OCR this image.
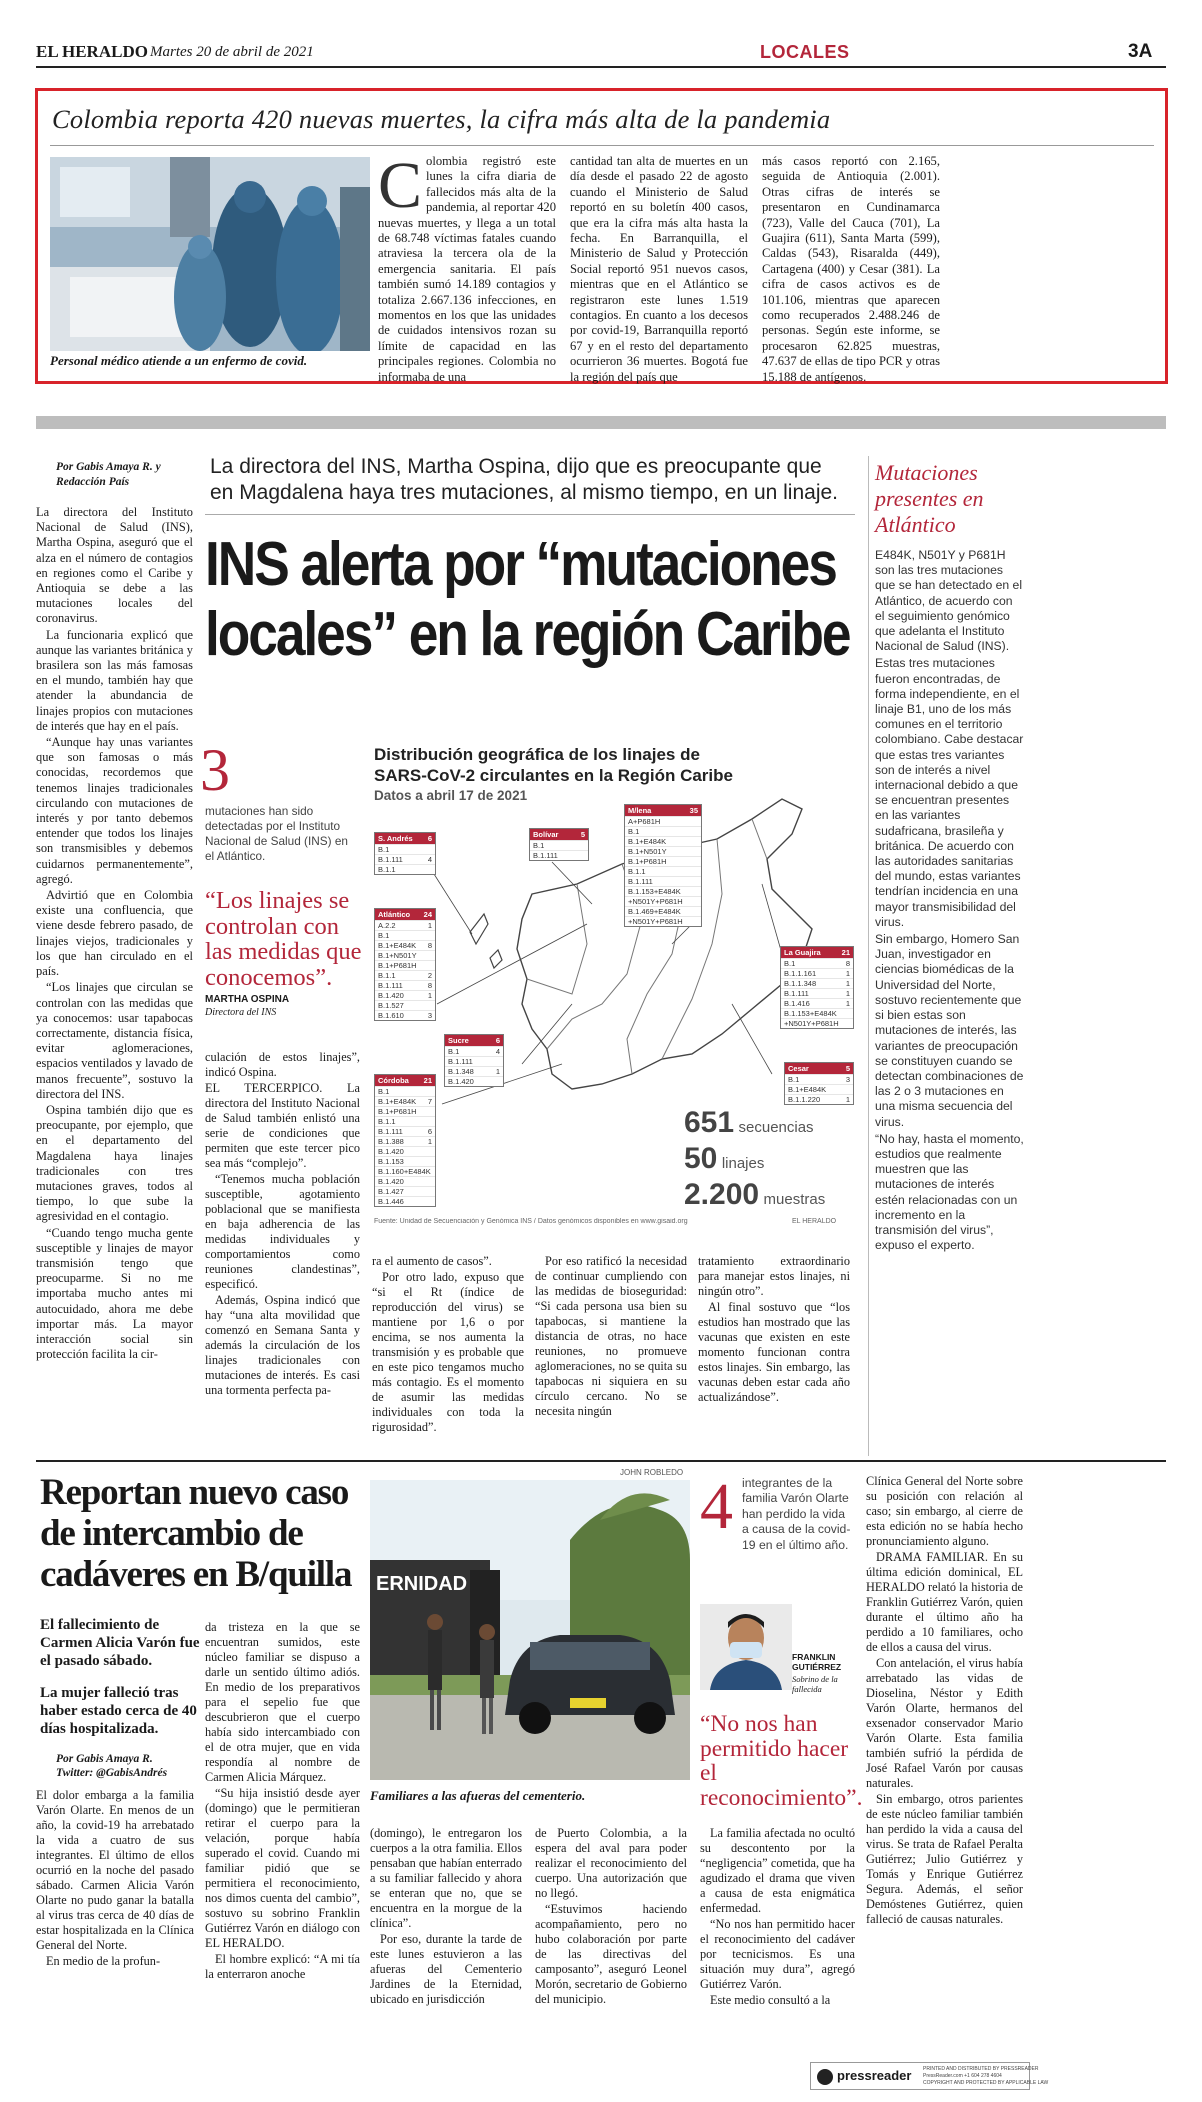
EL HERALDO Martes 20 de abril de 2021	LOCALES	3A
Colombia reporta 420 nuevas muertes, la cifra más alta de la pandemia
Personal médico atiende a un enfermo de covid.
C olombia registró este lunes la cifra diaria de fallecidos más alta de la pandemia, al reportar 420 nuevas muertes, y llega a un total de 68.748 víctimas fatales cuando atraviesa la tercera ola de la emergencia sanitaria. El país también sumó 14.189 contagios y totaliza 2.667.136 infecciones, en momentos en los que las unidades de cuidados intensivos rozan su límite de capacidad en las principales regiones. Colombia no informaba de una
cantidad tan alta de muertes en un día desde el pasado 22 de agosto cuando el Ministerio de Salud reportó en su boletín 400 casos, que era la cifra más alta hasta la fecha. En Barranquilla, el Ministerio de Salud y Protección Social reportó 951 nuevos casos, mientras que en el Atlántico se registraron este lunes 1.519 contagios. En cuanto a los decesos por covid-19, Barranquilla reportó 67 y en el resto del departamento ocurrieron 36 muertes. Bogotá fue la región del país que
más casos reportó con 2.165, seguida de Antioquia (2.001). Otras cifras de interés se presentaron en Cundinamarca (723), Valle del Cauca (701), La Guajira (611), Santa Marta (599), Caldas (543), Risaralda (449), Cartagena (400) y Cesar (381). La cifra de casos activos es de 101.106, mientras que aparecen como recuperados 2.488.246 de personas. Según este informe, se procesaron 62.825 muestras, 47.637 de ellas de tipo PCR y otras 15.188 de antígenos.
Por Gabis Amaya R. y
Redacción País

La directora del Instituto Nacional de Salud (INS), Martha Ospina, aseguró que el alza en el número de contagios en regiones como el Caribe y Antioquia se debe a las mutaciones locales del coronavirus.

La funcionaria explicó que aunque las variantes británica y brasilera son las más famosas en el mundo, también hay que atender la abundancia de linajes propios con mutaciones de interés que hay en el país.

“Aunque hay unas variantes que son famosas o más conocidas, recordemos que tenemos linajes tradicionales circulando con mutaciones de interés y por tanto debemos entender que todos los linajes son transmisibles y debemos cuidarnos permanentemente”, agregó.

Advirtió que en Colombia existe una confluencia, que viene desde febrero pasado, de linajes viejos, tradicionales y los que han circulado en el país.

“Los linajes que circulan se controlan con las medidas que ya conocemos: usar tapabocas correctamente, distancia física, evitar aglomeraciones, espacios ventilados y lavado de manos frecuente”, sostuvo la directora del INS.

Ospina también dijo que es preocupante, por ejemplo, que en el departamento del Magdalena haya linajes tradicionales con tres mutaciones graves, todos al tiempo, lo que sube la agresividad en el contagio.

“Cuando tengo mucha gente susceptible y linajes de mayor transmisión tengo que preocuparme. Si no me importaba mucho antes mi autocuidado, ahora me debe importar más. La mayor interacción social sin protección facilita la cir-

La directora del INS, Martha Ospina, dijo que es preocupante que en Magdalena haya tres mutaciones, al mismo tiempo, en un linaje.
INS alerta por “mutaciones locales” en la región Caribe
3
mutaciones han sido detectadas por el Instituto Nacional de Salud (INS) en el Atlántico.
“Los linajes se controlan con las medidas que conocemos”.
MARTHA OSPINA
Directora del INS

culación de estos linajes”, indicó Ospina.

EL TERCERPICO. La directora del Instituto Nacional de Salud también enlistó una serie de condiciones que permiten que este tercer pico sea más “complejo”.

“Tenemos mucha población susceptible, agotamiento poblacional que se manifiesta en baja adherencia de las medidas individuales y comportamientos como reuniones clandestinas”, especificó.

Además, Ospina indicó que hay “una alta movilidad que comenzó en Semana Santa y además la circulación de los linajes tradicionales con mutaciones de interés. Es casi una tormenta perfecta pa-

Distribución geográfica de los linajes de
SARS-CoV-2 circulantes en la Región Caribe
Datos a abril 17 de 2021
S. Andrés 6
B.1
B.1.111	4
B.1.1
Bolívar	5
B.1
B.1.111
M/lena	35
A+P681H
B.1
B.1+E484K
B.1+N501Y
B.1+P681H
B.1.1
B.1.111
B.1.153+E484K
+N501Y+P681H
B.1.469+E484K
+N501Y+P681H
Atlántico 24
A.2.2	1
B.1
B.1+E484K 8
B.1+N501Y
B.1+P681H
B.1.1	2
B.1.111	8
B.1.420	1
B.1.527
B.1.610	3
Sucre	6
B.1	4
B.1.111
B.1.348	1
B.1.420
Córdoba 21
B.1
B.1+E484K 7
B.1+P681H
B.1.1
B.1.111	6
B.1.388	1
B.1.420
B.1.153
B.1.160+E484K
B.1.420
B.1.427
B.1.446
La Guajira	21
B.1	8
B.1.1.161	1
B.1.1.348	1
B.1.111	1
B.1.416	1
B.1.153+E484K
+N501Y+P681H
Cesar	5
B.1	3
B.1+E484K
B.1.1.220	1
651 secuencias
50 linajes
2.200 muestras
Fuente: Unidad de Secuenciación y Genómica INS / Datos genómicos disponibles en www.gisaid.org	EL HERALDO

ra el aumento de casos”.

Por otro lado, expuso que “si el Rt (índice de reproducción del virus) se mantiene por 1,6 o por encima, se nos aumenta la transmisión y es probable que en este pico tengamos mucho más contagio. Es el momento de asumir las medidas individuales con toda la rigurosidad”.

Por eso ratificó la necesidad de continuar cumpliendo con las medidas de bioseguridad: “Si cada persona usa bien su tapabocas, si mantiene la distancia de otras, no hace reuniones, no promueve aglomeraciones, no se quita su tapabocas ni siquiera en su círculo cercano. No se necesita ningún

tratamiento extraordinario para manejar estos linajes, ni ningún otro”.

Al final sostuvo que “los estudios han mostrado que las vacunas que existen en este momento funcionan contra estos linajes. Sin embargo, las vacunas deben estar cada año actualizándose”.

Mutaciones presentes en Atlántico

E484K, N501Y y P681H son las tres mutaciones que se han detectado en el Atlántico, de acuerdo con el seguimiento genómico que adelanta el Instituto Nacional de Salud (INS).

Estas tres mutaciones fueron encontradas, de forma independiente, en el linaje B1, uno de los más comunes en el territorio colombiano. Cabe destacar que estas tres variantes son de interés a nivel internacional debido a que se encuentran presentes en las variantes sudafricana, brasileña y británica. De acuerdo con las autoridades sanitarias del mundo, estas variantes tendrían incidencia en una mayor transmisibilidad del virus.

Sin embargo, Homero San Juan, investigador en ciencias biomédicas de la Universidad del Norte, sostuvo recientemente que si bien estas son mutaciones de interés, las variantes de preocupación se constituyen cuando se detectan combinaciones de las 2 o 3 mutaciones en una misma secuencia del virus.

“No hay, hasta el momento, estudios que realmente muestren que las mutaciones de interés estén relacionadas con un incremento en la transmisión del virus”, expuso el experto.

Reportan nuevo caso de intercambio de cadáveres en B/quilla
El fallecimiento de Carmen Alicia Varón fue el pasado sábado.
La mujer falleció tras haber estado cerca de 40 días hospitalizada.
Por Gabis Amaya R.
Twitter: @GabisAndrés

El dolor embarga a la familia Varón Olarte. En menos de un año, la covid-19 ha arrebatado la vida a cuatro de sus integrantes. El último de ellos ocurrió en la noche del pasado sábado. Carmen Alicia Varón Olarte no pudo ganar la batalla al virus tras cerca de 40 días de estar hospitalizada en la Clínica General del Norte.

En medio de la profun-

da tristeza en la que se encuentran sumidos, este núcleo familiar se dispuso a darle un sentido último adiós. En medio de los preparativos para el sepelio fue que descubrieron que el cuerpo había sido intercambiado con el de otra mujer, que en vida respondía al nombre de Carmen Alicia Márquez.

“Su hija insistió desde ayer (domingo) que le permitieran retirar el cuerpo para la velación, porque había superado el covid. Cuando mi familiar pidió que se permitiera el reconocimiento, nos dimos cuenta del cambio”, sostuvo su sobrino Franklin Gutiérrez Varón en diálogo con EL HERALDO.

El hombre explicó: “A mi tía la enterraron anoche

JOHN ROBLEDO
ERNIDAD
Familiares a las afueras del cementerio.

(domingo), le entregaron los cuerpos a la otra familia. Ellos pensaban que habían enterrado a su familiar fallecido y ahora se enteran que no, que se encuentra en la morgue de la clínica”.

Por eso, durante la tarde de este lunes estuvieron a las afueras del Cementerio Jardines de la Eternidad, ubicado en jurisdicción

de Puerto Colombia, a la espera del aval para poder realizar el reconocimiento del cuerpo. Una autorización que no llegó.

“Estuvimos haciendo acompañamiento, pero no hubo colaboración por parte de las directivas del camposanto”, aseguró Leonel Morón, secretario de Gobierno del municipio.

4 integrantes de la familia Varón Olarte han perdido la vida a causa de la covid-19 en el último año.
FRANKLIN GUTIÉRREZ
Sobrino de la fallecida
“No nos han permitido hacer el reconocimiento”.

La familia afectada no ocultó su descontento por la “negligencia” cometida, que ha agudizado el drama que viven a causa de esta enigmática enfermedad.

“No nos han permitido hacer el reconocimiento del cadáver por tecnicismos. Es una situación muy dura”, agregó Gutiérrez Varón.

Este medio consultó a la

Clínica General del Norte sobre su posición con relación al caso; sin embargo, al cierre de esta edición no se había hecho pronunciamiento alguno.

DRAMA FAMILIAR. En su última edición dominical, EL HERALDO relató la historia de Franklin Gutiérrez Varón, quien durante el último año ha perdido a 10 familiares, ocho de ellos a causa del virus.

Con antelación, el virus había arrebatado las vidas de Dioselina, Néstor y Edith Varón Olarte, hermanos del exsenador conservador Mario Varón Olarte. Esta familia también sufrió la pérdida de José Rafael Varón por causas naturales.

Sin embargo, otros parientes de este núcleo familiar también han perdido la vida a causa del virus. Se trata de Rafael Peralta Gutiérrez; Julio Gutiérrez y Tomás y Enrique Gutiérrez Segura. Además, el señor Demóstenes Gutiérrez, quien falleció de causas naturales.

pressreader PRINTED AND DISTRIBUTED BY PRESSREADER
PressReader.com +1 604 278 4604
COPYRIGHT AND PROTECTED BY APPLICABLE LAW
